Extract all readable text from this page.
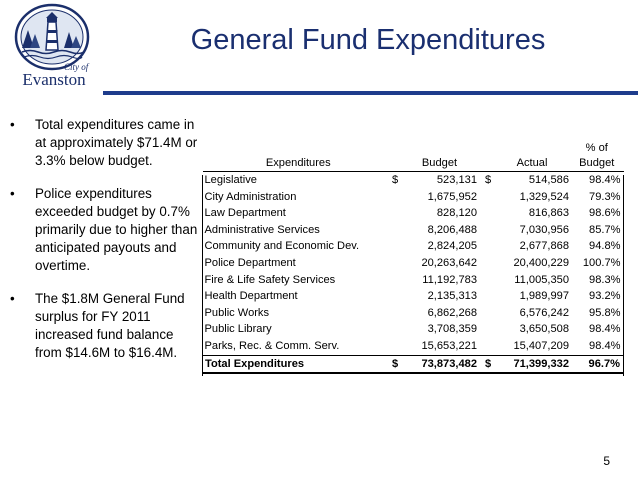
City of
Evanston
General Fund Expenditures
• Total expenditures came in at approximately $71.4M or 3.3% below budget.
• Police expenditures exceeded budget by 0.7% primarily due to higher than anticipated payouts and overtime.
• The $1.8M General Fund surplus for FY 2011 increased fund balance from $14.6M to $16.4M.
					% of
Expenditures		Budget		Actual	Budget
Legislative	$	523,131	$	514,586	98.4%
City Administration		1,675,952		1,329,524	79.3%
Law Department		828,120		816,863	98.6%
Administrative Services		8,206,488		7,030,956	85.7%
Community and Economic Dev.		2,824,205		2,677,868	94.8%
Police Department		20,263,642		20,400,229	100.7%
Fire & Life Safety Services		11,192,783		11,005,350	98.3%
Health Department		2,135,313		1,989,997	93.2%
Public Works		6,862,268		6,576,242	95.8%
Public Library		3,708,359		3,650,508	98.4%
Parks, Rec. & Comm. Serv.		15,653,221		15,407,209	98.4%
Total Expenditures	$	73,873,482	$	71,399,332	96.7%
5
